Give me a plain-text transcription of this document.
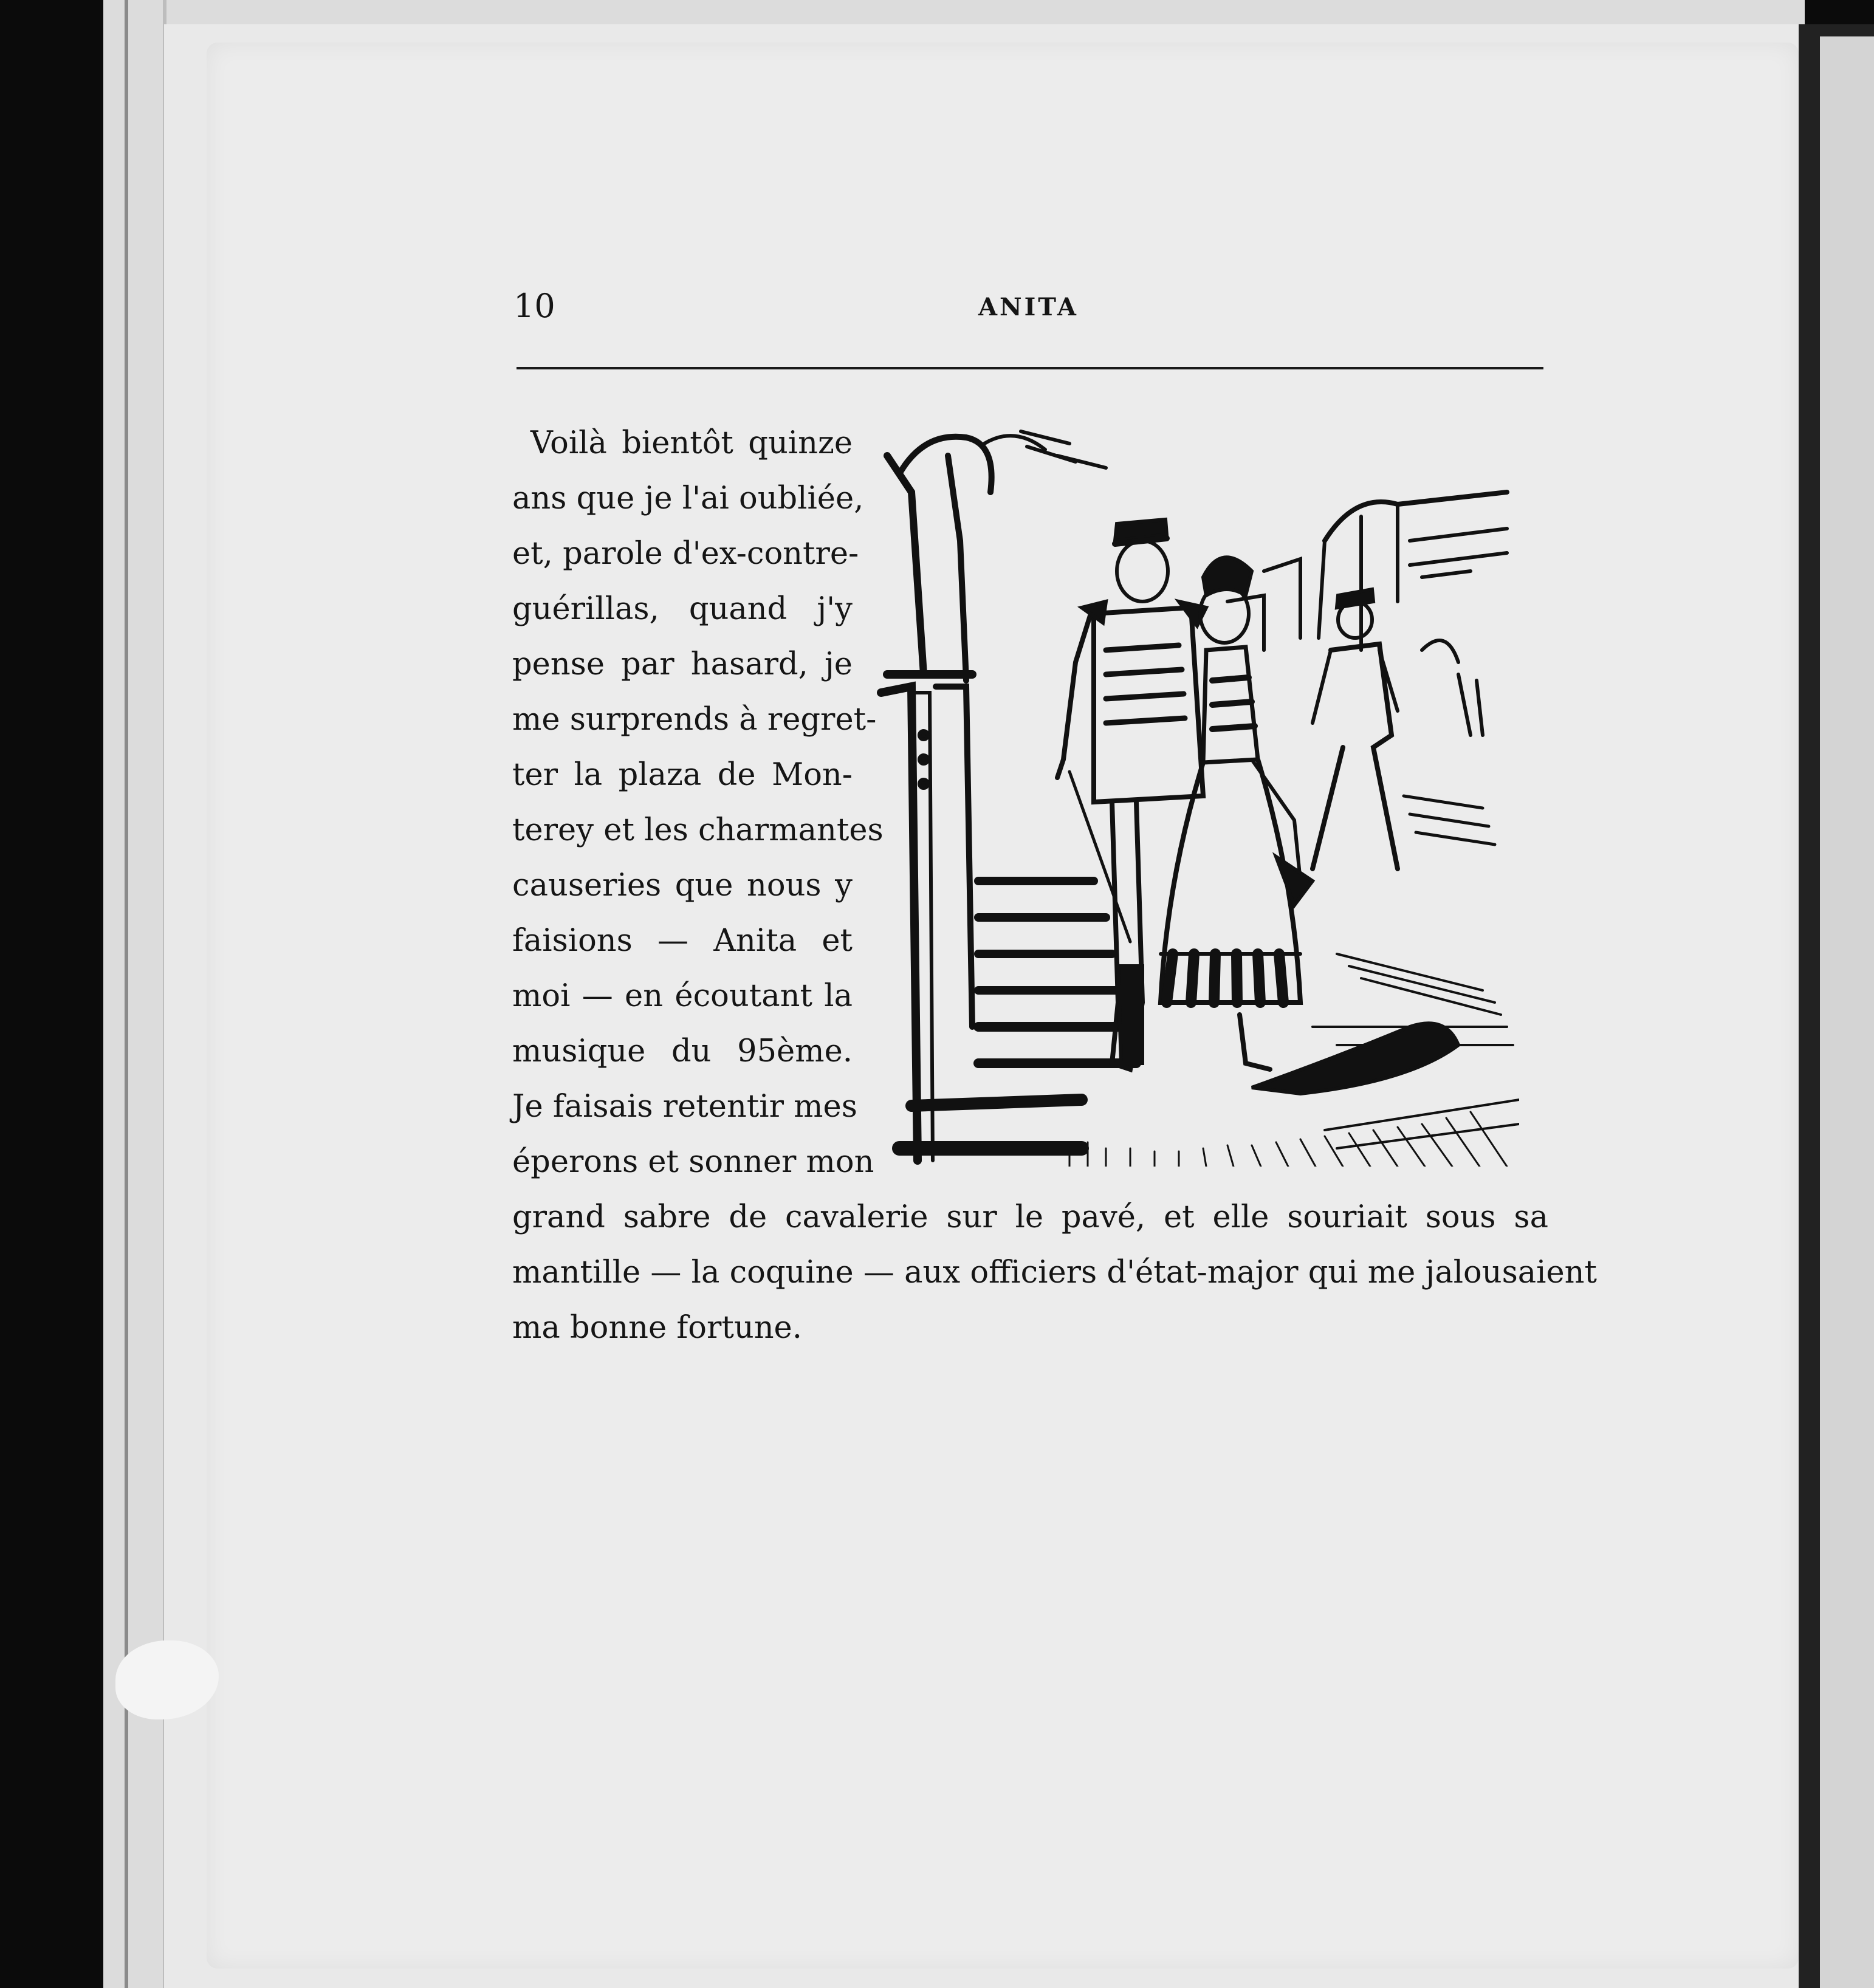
10	ANITA
Voilà bientôt quinze
ans que je l'ai oubliée,
et, parole d'ex-contre-
guérillas, quand j'y
pense par hasard, je
me surprends à regret-
ter la plaza de Mon-
terey et les charmantes
causeries que nous y
faisions — Anita et
moi — en écoutant la
musique du 95ème.
Je faisais retentir mes
éperons et sonner mon
grand sabre de cavalerie sur le pavé, et elle souriait sous sa
mantille — la coquine — aux officiers d'état-major qui me jalousaient
ma bonne fortune.
